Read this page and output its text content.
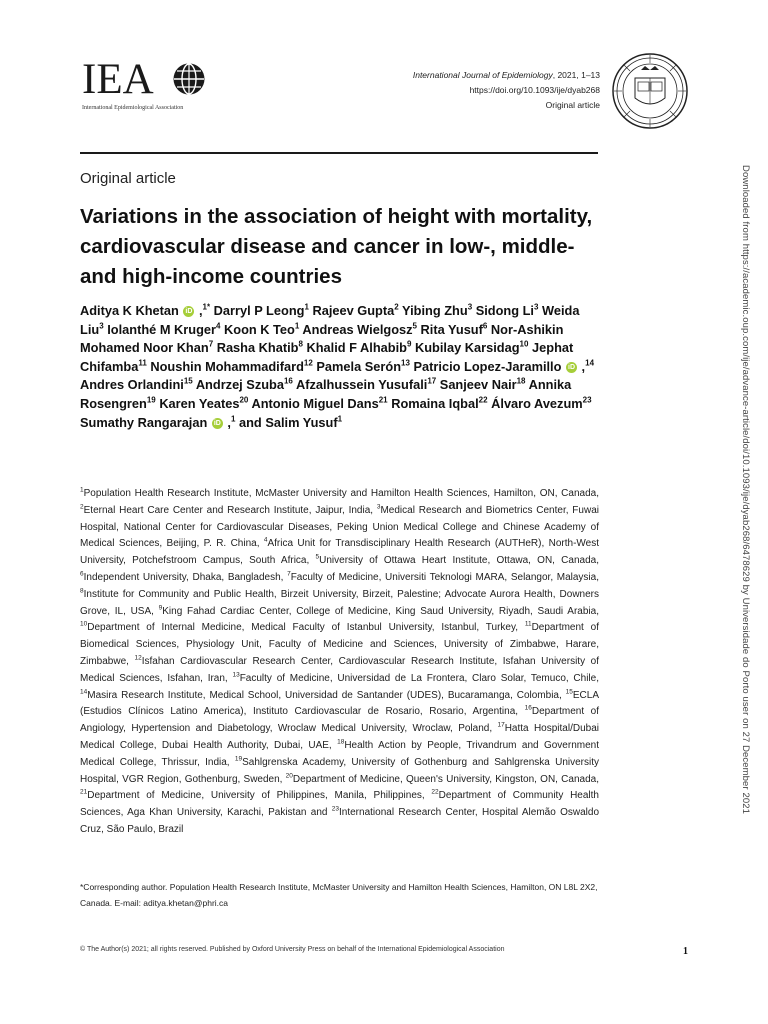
IEA
International Epidemiological Association
International Journal of Epidemiology, 2021, 1–13
https://doi.org/10.1093/ije/dyab268
Original article
Original article
Variations in the association of height with mortality, cardiovascular disease and cancer in low-, middle- and high-income countries
Aditya K Khetan iD ,$^{1*}$ Darryl P Leong$^1$ Rajeev Gupta$^2$ Yibing Zhu$^3$ Sidong Li$^3$ Weida Liu$^3$ Iolanthé M Kruger$^4$ Koon K Teo$^1$ Andreas Wielgosz$^5$ Rita Yusuf$^6$ Nor-Ashikin Mohamed Noor Khan$^7$ Rasha Khatib$^8$ Khalid F Alhabib$^9$ Kubilay Karsidag$^{10}$ Jephat Chifamba$^{11}$ Noushin Mohammadifard$^{12}$ Pamela Serón$^{13}$ Patricio Lopez-Jaramillo iD ,$^{14}$ Andres Orlandini$^{15}$ Andrzej Szuba$^{16}$ Afzalhussein Yusufali$^{17}$ Sanjeev Nair$^{18}$ Annika Rosengren$^{19}$ Karen Yeates$^{20}$ Antonio Miguel Dans$^{21}$ Romaina Iqbal$^{22}$ Álvaro Avezum$^{23}$ Sumathy Rangarajan iD ,$^1$ and Salim Yusuf$^1$
$^1$Population Health Research Institute, McMaster University and Hamilton Health Sciences, Hamilton, ON, Canada, $^2$Eternal Heart Care Center and Research Institute, Jaipur, India, $^3$Medical Research and Biometrics Center, Fuwai Hospital, National Center for Cardiovascular Diseases, Peking Union Medical College and Chinese Academy of Medical Sciences, Beijing, P. R. China, $^4$Africa Unit for Transdisciplinary Health Research (AUTHeR), North-West University, Potchefstroom Campus, South Africa, $^5$University of Ottawa Heart Institute, Ottawa, ON, Canada, $^6$Independent University, Dhaka, Bangladesh, $^7$Faculty of Medicine, Universiti Teknologi MARA, Selangor, Malaysia, $^8$Institute for Community and Public Health, Birzeit University, Birzeit, Palestine; Advocate Aurora Health, Downers Grove, IL, USA, $^9$King Fahad Cardiac Center, College of Medicine, King Saud University, Riyadh, Saudi Arabia, $^{10}$Department of Internal Medicine, Medical Faculty of Istanbul University, Istanbul, Turkey, $^{11}$Department of Biomedical Sciences, Physiology Unit, Faculty of Medicine and Sciences, University of Zimbabwe, Harare, Zimbabwe, $^{12}$Isfahan Cardiovascular Research Center, Cardiovascular Research Institute, Isfahan University of Medical Sciences, Isfahan, Iran, $^{13}$Faculty of Medicine, Universidad de La Frontera, Claro Solar, Temuco, Chile, $^{14}$Masira Research Institute, Medical School, Universidad de Santander (UDES), Bucaramanga, Colombia, $^{15}$ECLA (Estudios Clínicos Latino America), Instituto Cardiovascular de Rosario, Rosario, Argentina, $^{16}$Department of Angiology, Hypertension and Diabetology, Wroclaw Medical University, Wroclaw, Poland, $^{17}$Hatta Hospital/Dubai Medical College, Dubai Health Authority, Dubai, UAE, $^{18}$Health Action by People, Trivandrum and Government Medical College, Thrissur, India, $^{19}$Sahlgrenska Academy, University of Gothenburg and Sahlgrenska University Hospital, VGR Region, Gothenburg, Sweden, $^{20}$Department of Medicine, Queen's University, Kingston, ON, Canada, $^{21}$Department of Medicine, University of Philippines, Manila, Philippines, $^{22}$Department of Community Health Sciences, Aga Khan University, Karachi, Pakistan and $^{23}$International Research Center, Hospital Alemão Oswaldo Cruz, São Paulo, Brazil
*Corresponding author. Population Health Research Institute, McMaster University and Hamilton Health Sciences, Hamilton, ON L8L 2X2, Canada. E-mail: aditya.khetan@phri.ca
© The Author(s) 2021; all rights reserved. Published by Oxford University Press on behalf of the International Epidemiological Association	1
Downloaded from https://academic.oup.com/ije/advance-article/doi/10.1093/ije/dyab268/6478629 by Universidade do Porto user on 27 December 2021
